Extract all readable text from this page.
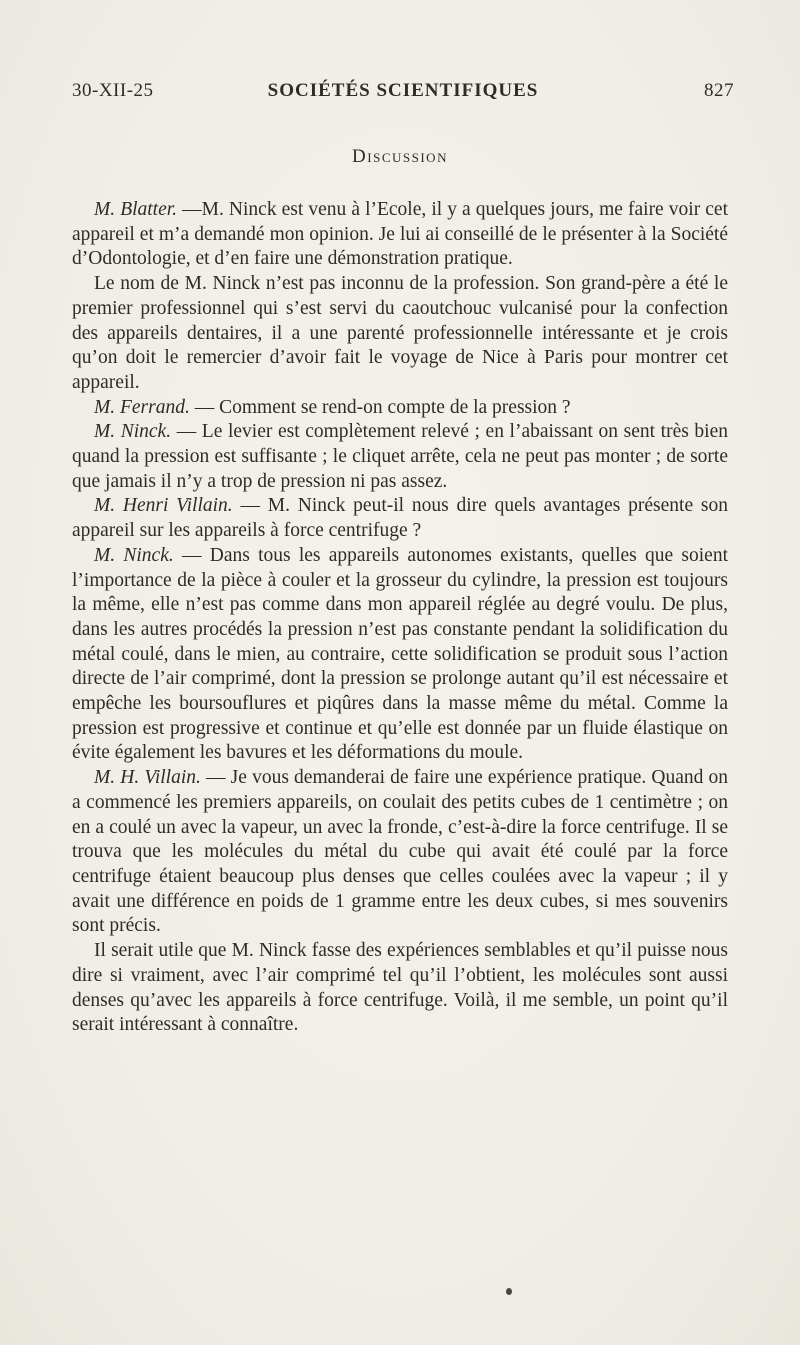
30-XII-25	SOCIÉTÉS SCIENTIFIQUES	827
Discussion

M. Blatter. —M. Ninck est venu à l’Ecole, il y a quelques jours, me faire voir cet appareil et m’a demandé mon opinion. Je lui ai conseillé de le présenter à la Société d’Odontologie, et d’en faire une démonstration pratique.

Le nom de M. Ninck n’est pas inconnu de la profession. Son grand-père a été le premier professionnel qui s’est servi du caoutchouc vulcanisé pour la confection des appareils dentaires, il a une parenté professionnelle intéressante et je crois qu’on doit le remercier d’avoir fait le voyage de Nice à Paris pour montrer cet appareil.

M. Ferrand. — Comment se rend-on compte de la pression ?

M. Ninck. — Le levier est complètement relevé ; en l’abaissant on sent très bien quand la pression est suffisante ; le cliquet arrête, cela ne peut pas monter ; de sorte que jamais il n’y a trop de pression ni pas assez.

M. Henri Villain. — M. Ninck peut-il nous dire quels avantages présente son appareil sur les appareils à force centrifuge ?

M. Ninck. — Dans tous les appareils autonomes existants, quelles que soient l’importance de la pièce à couler et la grosseur du cylindre, la pression est toujours la même, elle n’est pas comme dans mon appareil réglée au degré voulu. De plus, dans les autres procédés la pression n’est pas constante pendant la solidification du métal coulé, dans le mien, au contraire, cette solidification se produit sous l’action directe de l’air comprimé, dont la pression se prolonge autant qu’il est nécessaire et empêche les boursouflures et piqûres dans la masse même du métal. Comme la pression est progressive et continue et qu’elle est donnée par un fluide élastique on évite également les bavures et les déformations du moule.

M. H. Villain. — Je vous demanderai de faire une expérience pratique. Quand on a commencé les premiers appareils, on coulait des petits cubes de 1 centimètre ; on en a coulé un avec la vapeur, un avec la fronde, c’est-à-dire la force centrifuge. Il se trouva que les molécules du métal du cube qui avait été coulé par la force centrifuge étaient beaucoup plus denses que celles coulées avec la vapeur ; il y avait une différence en poids de 1 gramme entre les deux cubes, si mes souvenirs sont précis.

Il serait utile que M. Ninck fasse des expériences semblables et qu’il puisse nous dire si vraiment, avec l’air comprimé tel qu’il l’obtient, les molécules sont aussi denses qu’avec les appareils à force centrifuge. Voilà, il me semble, un point qu’il serait intéressant à connaître.
